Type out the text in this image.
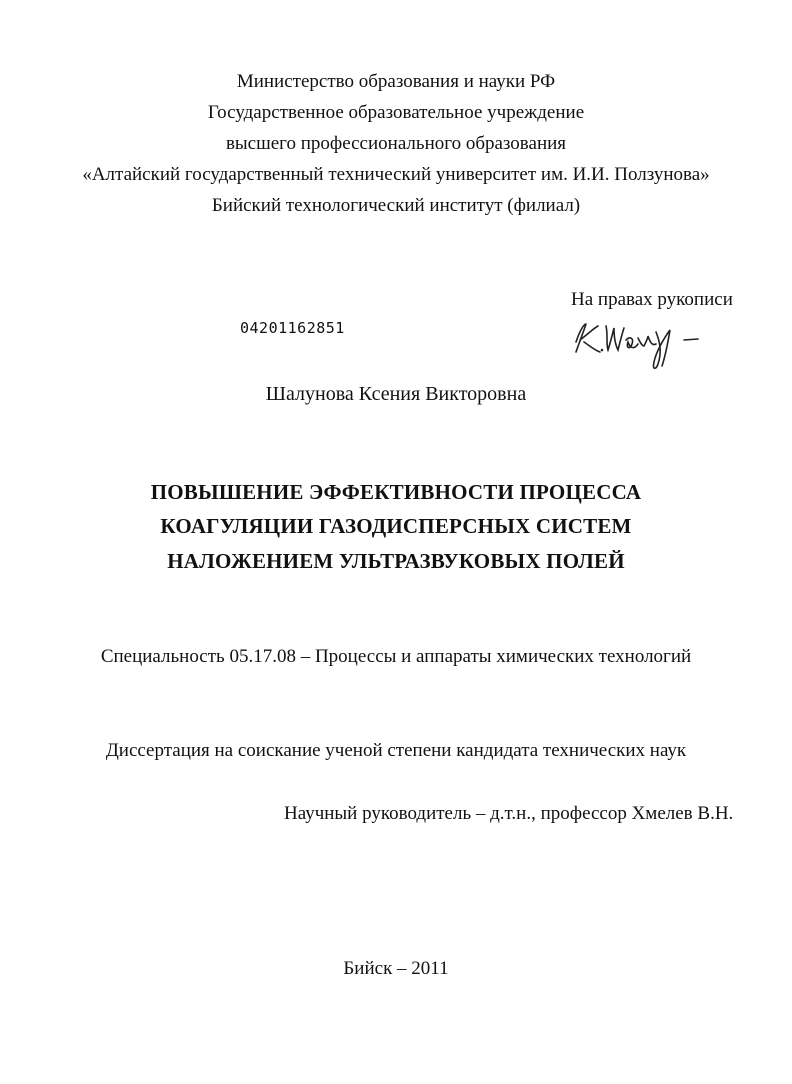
Министерство образования и науки РФ
Государственное образовательное учреждение
высшего профессионального образования
«Алтайский государственный технический университет им. И.И. Ползунова»
Бийский технологический институт (филиал)
На правах рукописи
04201162851
К.Шалу –
Шалунова Ксения Викторовна
ПОВЫШЕНИЕ ЭФФЕКТИВНОСТИ ПРОЦЕССА
КОАГУЛЯЦИИ ГАЗОДИСПЕРСНЫХ СИСТЕМ
НАЛОЖЕНИЕМ УЛЬТРАЗВУКОВЫХ ПОЛЕЙ
Специальность 05.17.08 – Процессы и аппараты химических технологий
Диссертация на соискание ученой степени кандидата технических наук
Научный руководитель – д.т.н., профессор Хмелев В.Н.
Бийск – 2011
